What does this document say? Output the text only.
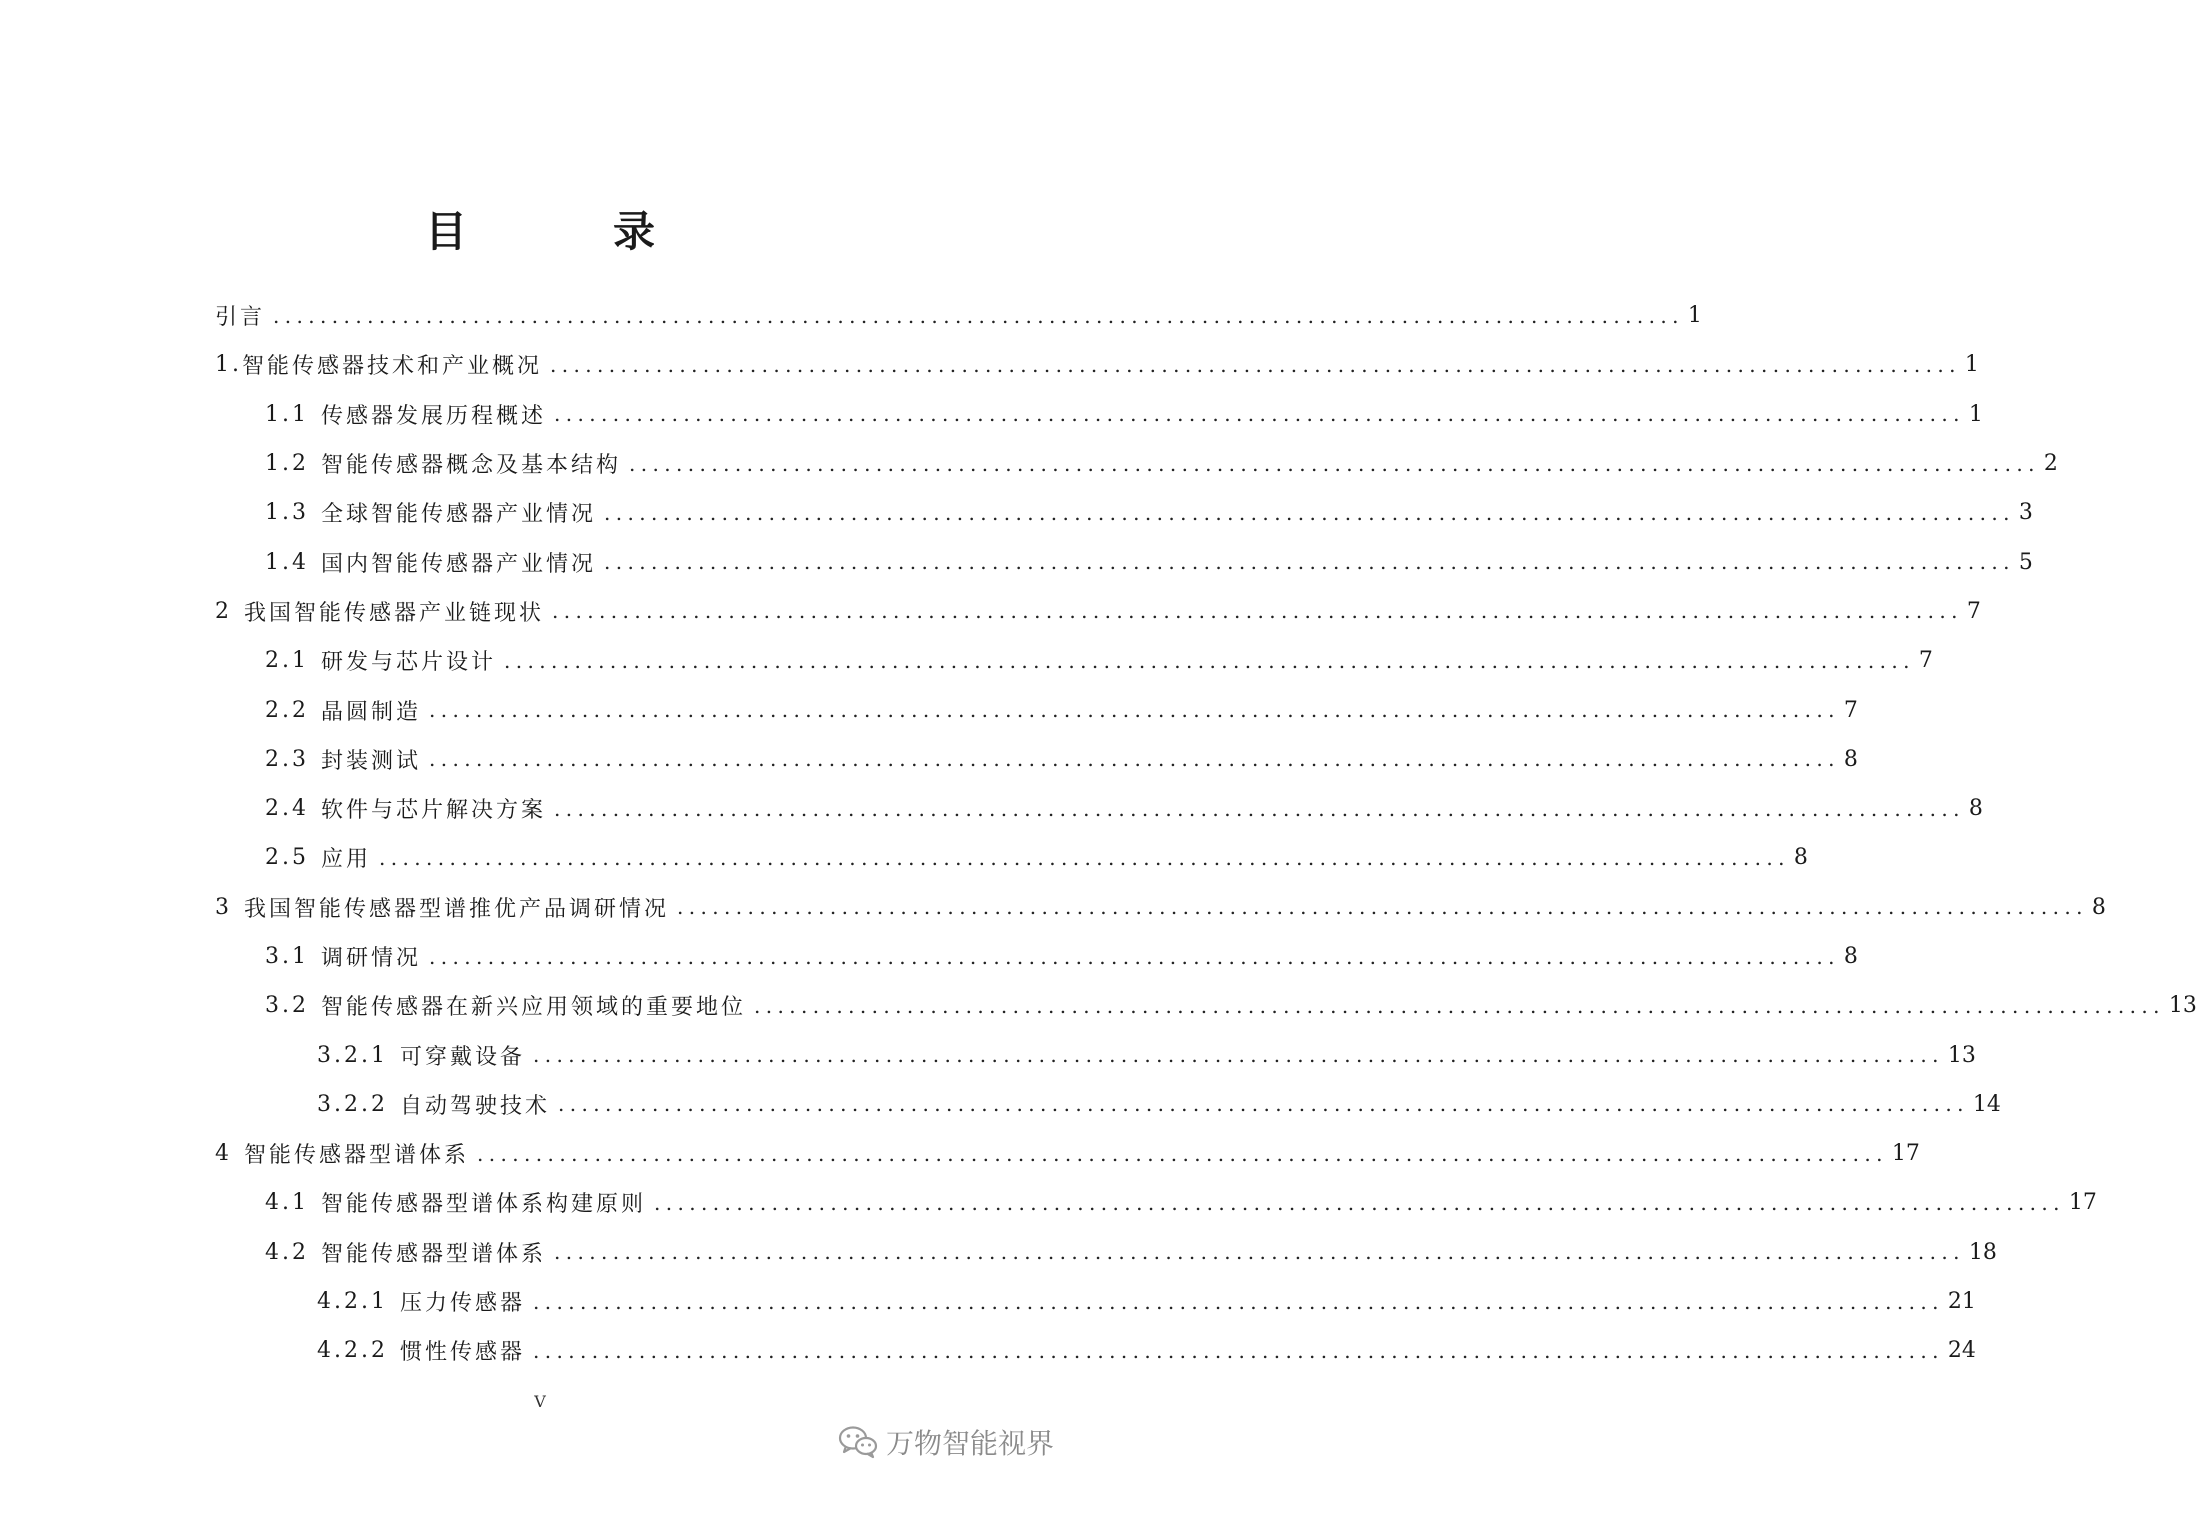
目　录
引言 ........................................................................................................................ 1
1. 智能传感器技术和产业概况 ........................................................................................................................ 1
1.1 传感器发展历程概述 ........................................................................................................................ 1
1.2 智能传感器概念及基本结构 ........................................................................................................................ 2
1.3 全球智能传感器产业情况 ........................................................................................................................ 3
1.4 国内智能传感器产业情况 ........................................................................................................................ 5
2 我国智能传感器产业链现状 ........................................................................................................................ 7
2.1 研发与芯片设计 ........................................................................................................................ 7
2.2 晶圆制造 ........................................................................................................................ 7
2.3 封装测试 ........................................................................................................................ 8
2.4 软件与芯片解决方案 ........................................................................................................................ 8
2.5 应用 ........................................................................................................................ 8
3 我国智能传感器型谱推优产品调研情况 ........................................................................................................................ 8
3.1 调研情况 ........................................................................................................................ 8
3.2 智能传感器在新兴应用领域的重要地位 ........................................................................................................................ 13
3.2.1 可穿戴设备 ........................................................................................................................ 13
3.2.2 自动驾驶技术 ........................................................................................................................ 14
4 智能传感器型谱体系 ........................................................................................................................ 17
4.1 智能传感器型谱体系构建原则 ........................................................................................................................ 17
4.2 智能传感器型谱体系 ........................................................................................................................ 18
4.2.1 压力传感器 ........................................................................................................................ 21
4.2.2 惯性传感器 ........................................................................................................................ 24
V
万物智能视界
